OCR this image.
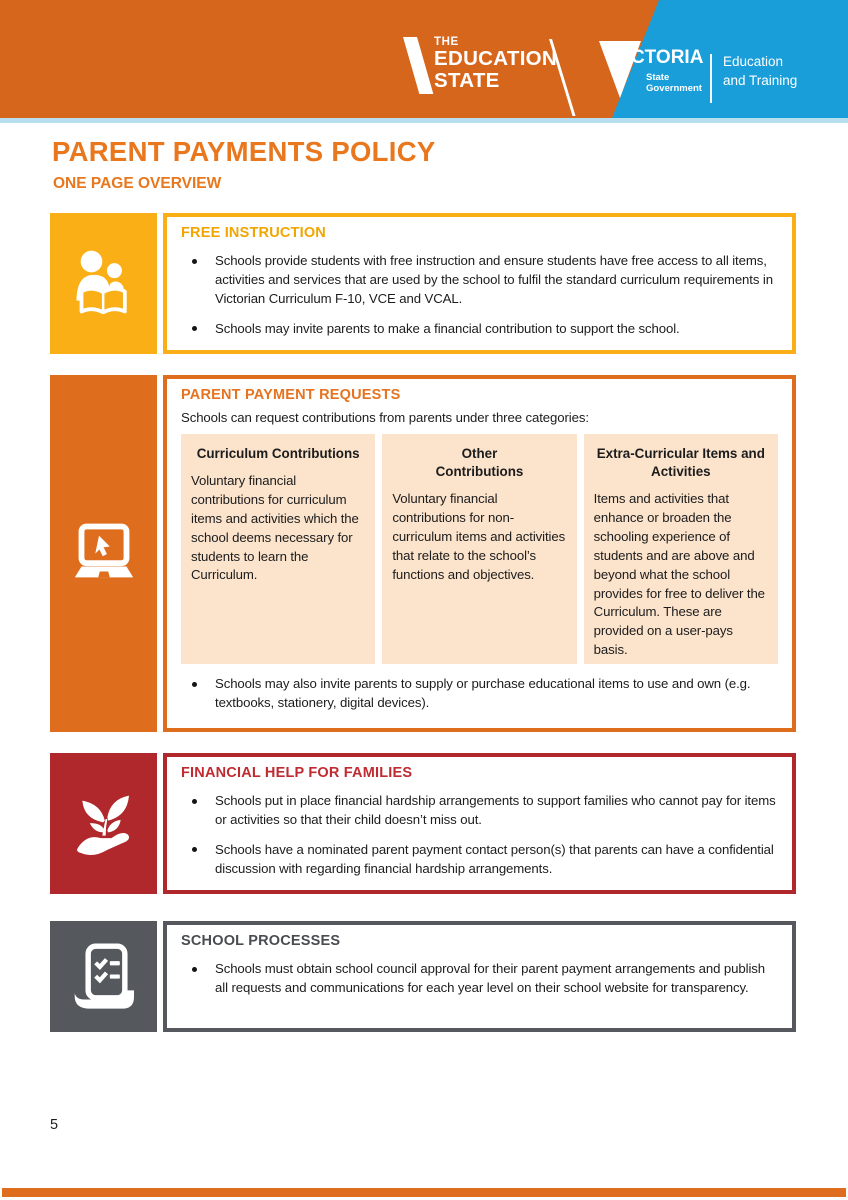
THE
EDUCATION
STATE
VICTORIA
State
Government
Education
and Training
PARENT PAYMENTS POLICY
ONE PAGE OVERVIEW
FREE INSTRUCTION
Schools provide students with free instruction and ensure students have free access to all items, activities and services that are used by the school to fulfil the standard curriculum requirements in Victorian Curriculum F-10, VCE and VCAL.
Schools may invite parents to make a financial contribution to support the school.
PARENT PAYMENT REQUESTS
Schools can request contributions from parents under three categories:
Curriculum Contributions
Voluntary financial contributions for curriculum items and activities which the school deems necessary for students to learn the Curriculum.
Other Contributions
Voluntary financial contributions for non-curriculum items and activities that relate to the school’s functions and objectives.
Extra-Curricular Items and Activities
Items and activities that enhance or broaden the schooling experience of students and are above and beyond what the school provides for free to deliver the Curriculum. These are provided on a user-pays basis.
Schools may also invite parents to supply or purchase educational items to use and own (e.g. textbooks, stationery, digital devices).
FINANCIAL HELP FOR FAMILIES
Schools put in place financial hardship arrangements to support families who cannot pay for items or activities so that their child doesn’t miss out.
Schools have a nominated parent payment contact person(s) that parents can have a confidential discussion with regarding financial hardship arrangements.
SCHOOL PROCESSES
Schools must obtain school council approval for their parent payment arrangements and publish all requests and communications for each year level on their school website for transparency.
5
